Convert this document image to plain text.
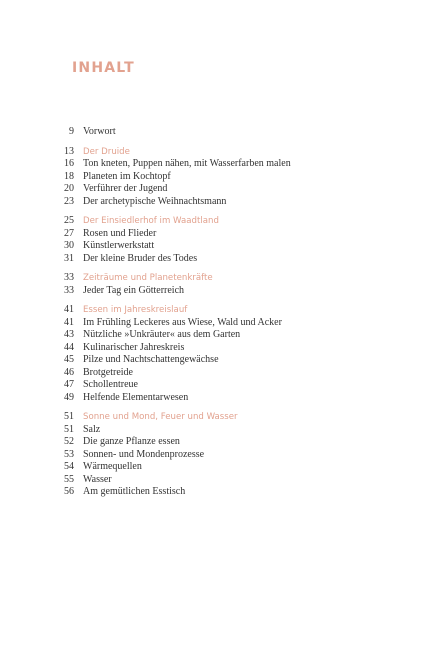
INHALT
9 Vorwort
13 Der Druide
16 Ton kneten, Puppen nähen, mit Wasserfarben malen
18 Planeten im Kochtopf
20 Verführer der Jugend
23 Der archetypische Weihnachtsmann
25 Der Einsiedlerhof im Waadtland
27 Rosen und Flieder
30 Künstlerwerkstatt
31 Der kleine Bruder des Todes
33 Zeiträume und Planetenkräfte
33 Jeder Tag ein Götterreich
41 Essen im Jahreskreislauf
41 Im Frühling Leckeres aus Wiese, Wald und Acker
43 Nützliche »Unkräuter« aus dem Garten
44 Kulinarischer Jahreskreis
45 Pilze und Nachtschattengewächse
46 Brotgetreide
47 Schollentreue
49 Helfende Elementarwesen
51 Sonne und Mond, Feuer und Wasser
51 Salz
52 Die ganze Pflanze essen
53 Sonnen- und Mondenprozesse
54 Wärmequellen
55 Wasser
56 Am gemütlichen Esstisch
